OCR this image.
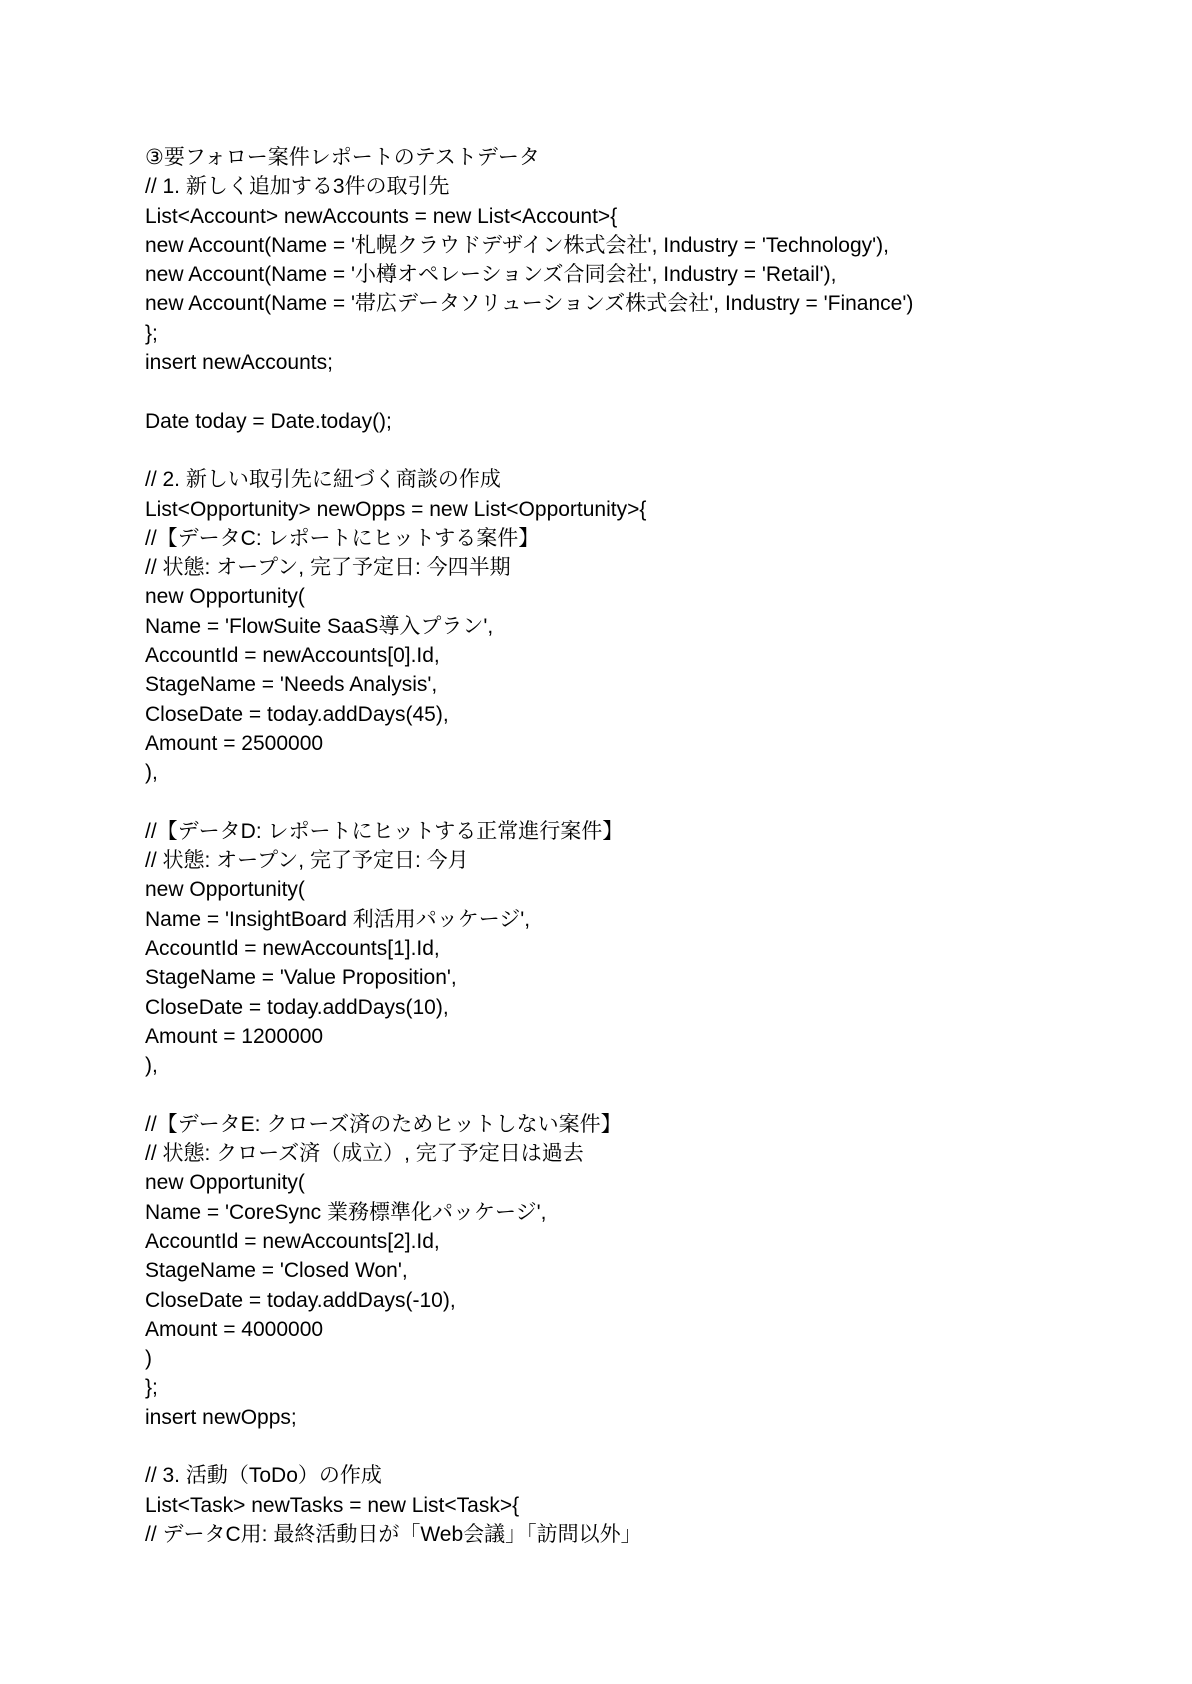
③要フォロー案件レポートのテストデータ
// 1. 新しく追加する3件の取引先
List<Account> newAccounts = new List<Account>{
new Account(Name = '札幌クラウドデザイン株式会社', Industry = 'Technology'),
new Account(Name = '小樽オペレーションズ合同会社', Industry = 'Retail'),
new Account(Name = '帯広データソリューションズ株式会社', Industry = 'Finance')
};
insert newAccounts;
Date today = Date.today();
// 2. 新しい取引先に紐づく商談の作成
List<Opportunity> newOpps = new List<Opportunity>{
//【データC: レポートにヒットする案件】
// 状態: オープン, 完了予定日: 今四半期
new Opportunity(
Name = 'FlowSuite SaaS導入プラン',
AccountId = newAccounts[0].Id,
StageName = 'Needs Analysis',
CloseDate = today.addDays(45),
Amount = 2500000
),
//【データD: レポートにヒットする正常進行案件】
// 状態: オープン, 完了予定日: 今月
new Opportunity(
Name = 'InsightBoard 利活用パッケージ',
AccountId = newAccounts[1].Id,
StageName = 'Value Proposition',
CloseDate = today.addDays(10),
Amount = 1200000
),
//【データE: クローズ済のためヒットしない案件】
// 状態: クローズ済（成立）, 完了予定日は過去
new Opportunity(
Name = 'CoreSync 業務標準化パッケージ',
AccountId = newAccounts[2].Id,
StageName = 'Closed Won',
CloseDate = today.addDays(-10),
Amount = 4000000
)
};
insert newOpps;
// 3. 活動（ToDo）の作成
List<Task> newTasks = new List<Task>{
// データC用: 最終活動日が「Web会議」「訪問以外」
